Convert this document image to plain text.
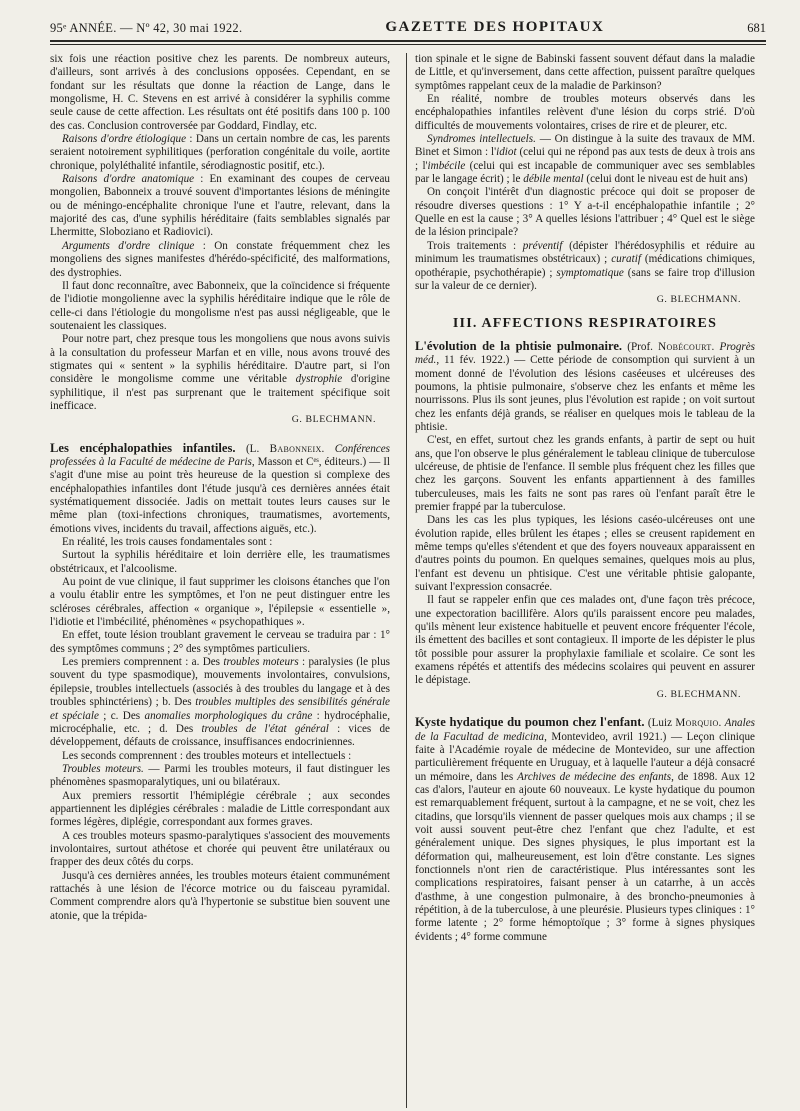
95ᵉ ANNÉE. — Nº 42, 30 mai 1922.	GAZETTE DES HOPITAUX	681

six fois une réaction positive chez les parents. De nombreux auteurs, d'ailleurs, sont arrivés à des conclusions opposées. Cependant, en se fondant sur les résultats que donne la réaction de Lange, dans le mongolisme, H. C. Stevens en est arrivé à considérer la syphilis comme seule cause de cette affection. Les résultats ont été positifs dans 100 p. 100 des cas. Conclusion controversée par Goddard, Findlay, etc.

Raisons d'ordre étiologique : Dans un certain nombre de cas, les parents seraient notoirement syphilitiques (perforation congénitale du voile, aortite chronique, polyléthalité infantile, sérodiagnostic positif, etc.).

Raisons d'ordre anatomique : En examinant des coupes de cerveau mongolien, Babonneix a trouvé souvent d'importantes lésions de méningite ou de méningo-encéphalite chronique l'une et l'autre, relevant, dans la majorité des cas, d'une syphilis héréditaire (faits semblables signalés par Lhermitte, Sloboziano et Radiovici).

Arguments d'ordre clinique : On constate fréquemment chez les mongoliens des signes manifestes d'hérédo-spécificité, des malformations, des dystrophies.

Il faut donc reconnaître, avec Babonneix, que la coïncidence si fréquente de l'idiotie mongolienne avec la syphilis héréditaire indique que le rôle de celle-ci dans l'étiologie du mongolisme n'est pas aussi négligeable, que le soutenaient les classiques.

Pour notre part, chez presque tous les mongoliens que nous avons suivis à la consultation du professeur Marfan et en ville, nous avons trouvé des stigmates qui « sentent » la syphilis héréditaire. D'autre part, si l'on considère le mongolisme comme une véritable dystrophie d'origine syphilitique, il n'est pas surprenant que le traitement spécifique soit inefficace.

G. BLECHMANN.

Les encéphalopathies infantiles. (L. Babonneix. Conférences professées à la Faculté de médecine de Paris, Masson et Cᵉˢ, éditeurs.) — Il s'agit d'une mise au point très heureuse de la question si complexe des encéphalopathies infantiles dont l'étude jusqu'à ces dernières années était systématiquement dissociée. Jadis on mettait toutes leurs causes sur le même plan (toxi-infections chroniques, traumatismes, avortements, émotions vives, incidents du travail, affections aiguës, etc.).

En réalité, les trois causes fondamentales sont :

Surtout la syphilis héréditaire et loin derrière elle, les traumatismes obstétricaux, et l'alcoolisme.

Au point de vue clinique, il faut supprimer les cloisons étanches que l'on a voulu établir entre les symptômes, et l'on ne peut distinguer entre les scléroses cérébrales, affection « organique », l'épilepsie « essentielle », l'idiotie et l'imbécilité, phénomènes « psychopathiques ».

En effet, toute lésion troublant gravement le cerveau se traduira par : 1° des symptômes communs ; 2° des symptômes particuliers.

Les premiers comprennent : a. Des troubles moteurs : paralysies (le plus souvent du type spasmodique), mouvements involontaires, convulsions, épilepsie, troubles intellectuels (associés à des troubles du langage et à des troubles sphinctériens) ; b. Des troubles multiples des sensibilités générale et spéciale ; c. Des anomalies morphologiques du crâne : hydrocéphalie, microcéphalie, etc. ; d. Des troubles de l'état général : vices de développement, défauts de croissance, insuffisances endocriniennes.

Les seconds comprennent : des troubles moteurs et intellectuels :

Troubles moteurs. — Parmi les troubles moteurs, il faut distinguer les phénomènes spasmoparalytiques, uni ou bilatéraux.

Aux premiers ressortit l'hémiplégie cérébrale ; aux secondes appartiennent les diplégies cérébrales : maladie de Little correspondant aux formes légères, diplégie, correspondant aux formes graves.

A ces troubles moteurs spasmo-paralytiques s'associent des mouvements involontaires, surtout athétose et chorée qui peuvent être unilatéraux ou frapper des deux côtés du corps.

Jusqu'à ces dernières années, les troubles moteurs étaient communément rattachés à une lésion de l'écorce motrice ou du faisceau pyramidal. Comment comprendre alors qu'à l'hypertonie se substitue bien souvent une atonie, que la trépida-

tion spinale et le signe de Babinski fassent souvent défaut dans la maladie de Little, et qu'inversement, dans cette affection, puissent paraître quelques symptômes rappelant ceux de la maladie de Parkinson?

En réalité, nombre de troubles moteurs observés dans les encéphalopathies infantiles relèvent d'une lésion du corps strié. D'où difficultés de mouvements volontaires, crises de rire et de pleurer, etc.

Syndromes intellectuels. — On distingue à la suite des travaux de MM. Binet et Simon : l'idiot (celui qui ne répond pas aux tests de deux à trois ans ; l'imbécile (celui qui est incapable de communiquer avec ses semblables par le langage écrit) ; le débile mental (celui dont le niveau est de huit ans)

On conçoit l'intérêt d'un diagnostic précoce qui doit se proposer de résoudre diverses questions : 1° Y a-t-il encéphalopathie infantile ; 2° Quelle en est la cause ; 3° A quelles lésions l'attribuer ; 4° Quel est le siège de la lésion principale?

Trois traitements : préventif (dépister l'hérédosyphilis et réduire au minimum les traumatismes obstétricaux) ; curatif (médications chimiques, opothérapie, psychothérapie) ; symptomatique (sans se faire trop d'illusion sur la valeur de ce dernier).

G. BLECHMANN.
III. AFFECTIONS RESPIRATOIRES

L'évolution de la phtisie pulmonaire. (Prof. Nobécourt. Progrès méd., 11 fév. 1922.) — Cette période de consomption qui survient à un moment donné de l'évolution des lésions caséeuses et ulcéreuses des poumons, la phtisie pulmonaire, s'observe chez les enfants et même les nourrissons. Plus ils sont jeunes, plus l'évolution est rapide ; on voit surtout chez les enfants déjà grands, se réaliser en quelques mois le tableau de la phtisie.

C'est, en effet, surtout chez les grands enfants, à partir de sept ou huit ans, que l'on observe le plus généralement le tableau clinique de tuberculose ulcéreuse, de phtisie de l'enfance. Il semble plus fréquent chez les filles que chez les garçons. Souvent les enfants appartiennent à des familles tuberculeuses, mais les faits ne sont pas rares où l'enfant paraît être le premier frappé par la tuberculose.

Dans les cas les plus typiques, les lésions caséo-ulcéreuses ont une évolution rapide, elles brûlent les étapes ; elles se creusent rapidement en même temps qu'elles s'étendent et que des foyers nouveaux apparaissent en d'autres points du poumon. En quelques semaines, quelques mois au plus, l'enfant est devenu un phtisique. C'est une véritable phtisie galopante, suivant l'expression consacrée.

Il faut se rappeler enfin que ces malades ont, d'une façon très précoce, une expectoration bacillifère. Alors qu'ils paraissent encore peu malades, qu'ils mènent leur existence habituelle et peuvent encore fréquenter l'école, ils émettent des bacilles et sont contagieux. Il importe de les dépister le plus tôt possible pour assurer la prophylaxie familiale et scolaire. Ce sont les examens répétés et attentifs des médecins scolaires qui peuvent en assurer le dépistage.

G. BLECHMANN.

Kyste hydatique du poumon chez l'enfant. (Luiz Morquio. Anales de la Facultad de medicina, Montevideo, avril 1921.) — Leçon clinique faite à l'Académie royale de médecine de Montevideo, sur une affection particulièrement fréquente en Uruguay, et à laquelle l'auteur a déjà consacré un mémoire, dans les Archives de médecine des enfants, de 1898. Aux 12 cas d'alors, l'auteur en ajoute 60 nouveaux. Le kyste hydatique du poumon est remarquablement fréquent, surtout à la campagne, et ne se voit, chez les citadins, que lorsqu'ils viennent de passer quelques mois aux champs ; il se voit aussi souvent peut-être chez l'enfant que chez l'adulte, et est généralement unique. Des signes physiques, le plus important est la déformation qui, malheureusement, est loin d'être constante. Les signes fonctionnels n'ont rien de caractéristique. Plus intéressantes sont les complications respiratoires, faisant penser à un catarrhe, à un accès d'asthme, à une congestion pulmonaire, à des broncho-pneumonies à répétition, à de la tuberculose, à une pleurésie. Plusieurs types cliniques : 1° forme latente ; 2° forme hémoptoïque ; 3° forme à signes physiques évidents ; 4° forme commune
